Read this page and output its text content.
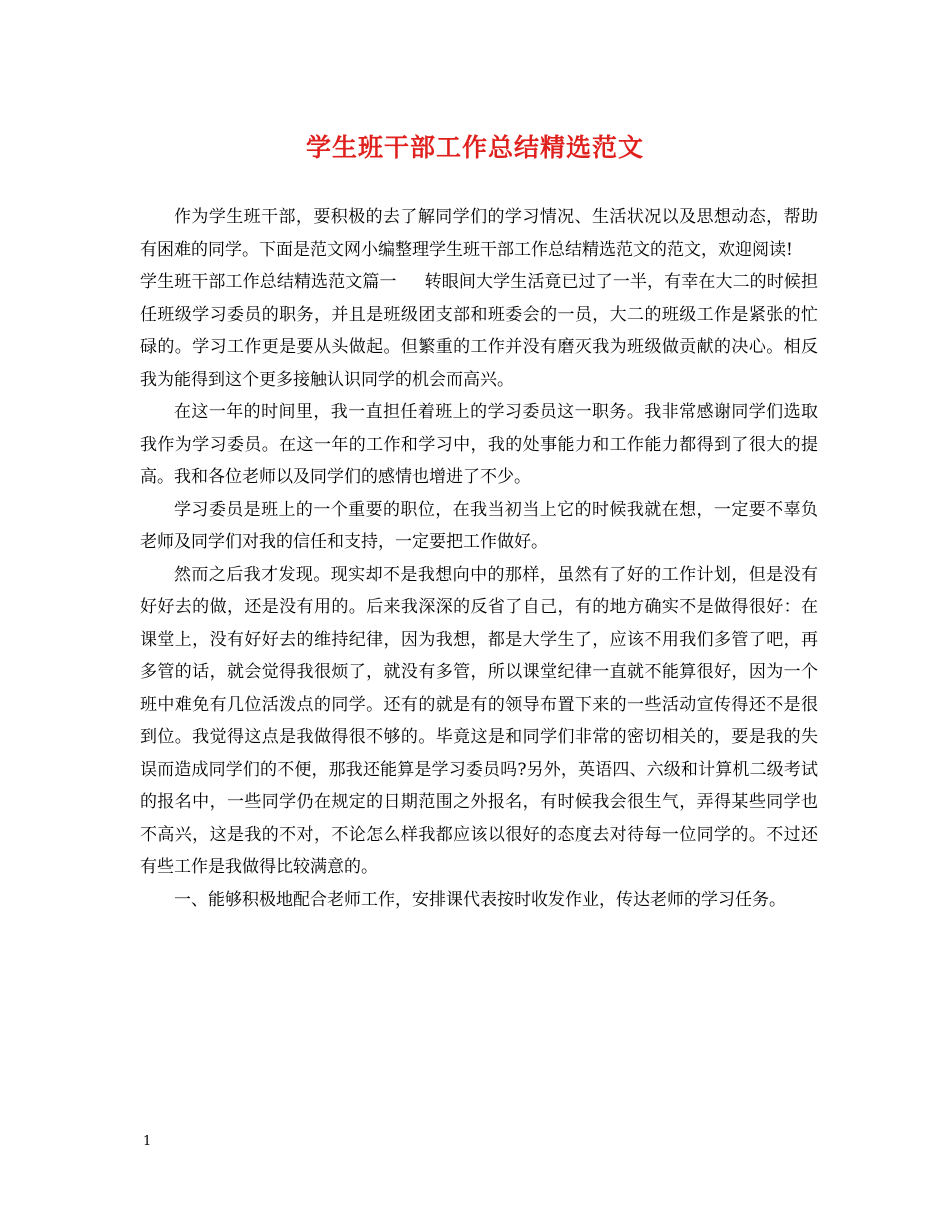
学生班干部工作总结精选范文

作为学生班干部，要积极的去了解同学们的学习情况、生活状况以及思想动态，帮助有困难的同学。下面是范文网小编整理学生班干部工作总结精选范文的范文，欢迎阅读!

学生班干部工作总结精选范文篇一 转眼间大学生活竟已过了一半，有幸在大二的时候担任班级学习委员的职务，并且是班级团支部和班委会的一员，大二的班级工作是紧张的忙碌的。学习工作更是要从头做起。但繁重的工作并没有磨灭我为班级做贡献的决心。相反我为能得到这个更多接触认识同学的机会而高兴。

在这一年的时间里，我一直担任着班上的学习委员这一职务。我非常感谢同学们选取我作为学习委员。在这一年的工作和学习中，我的处事能力和工作能力都得到了很大的提高。我和各位老师以及同学们的感情也增进了不少。

学习委员是班上的一个重要的职位，在我当初当上它的时候我就在想，一定要不辜负老师及同学们对我的信任和支持，一定要把工作做好。

然而之后我才发现。现实却不是我想向中的那样，虽然有了好的工作计划，但是没有好好去的做，还是没有用的。后来我深深的反省了自己，有的地方确实不是做得很好：在课堂上，没有好好去的维持纪律，因为我想，都是大学生了，应该不用我们多管了吧，再多管的话，就会觉得我很烦了，就没有多管，所以课堂纪律一直就不能算很好，因为一个班中难免有几位活泼点的同学。还有的就是有的领导布置下来的一些活动宣传得还不是很到位。我觉得这点是我做得很不够的。毕竟这是和同学们非常的密切相关的，要是我的失误而造成同学们的不便，那我还能算是学习委员吗?另外，英语四、六级和计算机二级考试的报名中，一些同学仍在规定的日期范围之外报名，有时候我会很生气，弄得某些同学也不高兴，这是我的不对，不论怎么样我都应该以很好的态度去对待每一位同学的。不过还有些工作是我做得比较满意的。

一、能够积极地配合老师工作，安排课代表按时收发作业，传达老师的学习任务。

1
